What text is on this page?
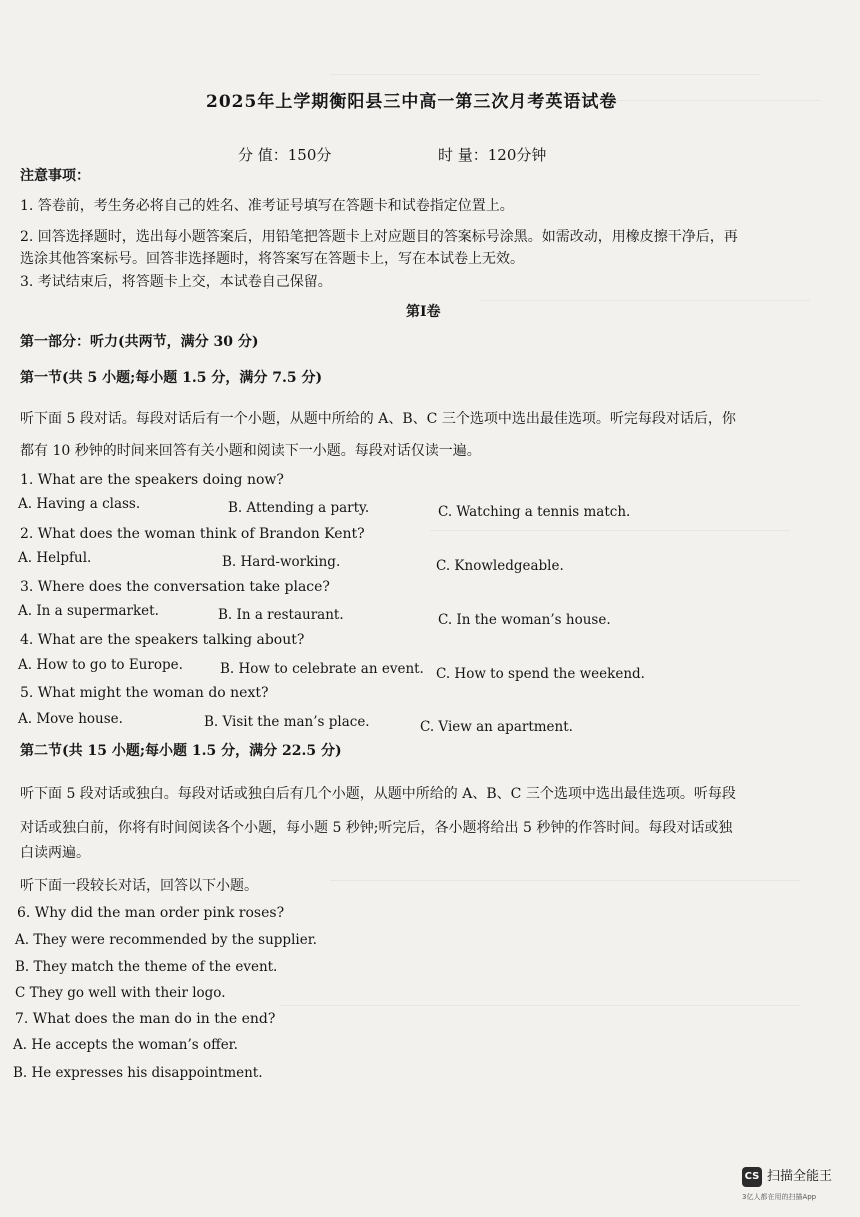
2025年上学期衡阳县三中高一第三次月考英语试卷
分 值：150分	时 量：120分钟
注意事项：
1. 答卷前，考生务必将自己的姓名、准考证号填写在答题卡和试卷指定位置上。
2. 回答选择题时，选出每小题答案后，用铅笔把答题卡上对应题目的答案标号涂黑。如需改动，用橡皮擦干净后，再
选涂其他答案标号。回答非选择题时，将答案写在答题卡上，写在本试卷上无效。
3. 考试结束后，将答题卡上交，本试卷自己保留。
第Ⅰ卷
第一部分：听力(共两节，满分 30 分)
第一节(共 5 小题;每小题 1.5 分，满分 7.5 分)
听下面 5 段对话。每段对话后有一个小题，从题中所给的 A、B、C 三个选项中选出最佳选项。听完每段对话后，你
都有 10 秒钟的时间来回答有关小题和阅读下一小题。每段对话仅读一遍。
1. What are the speakers doing now?
A. Having a class.	B. Attending a party.	C. Watching a tennis match.
2. What does the woman think of Brandon Kent?
A. Helpful.	B. Hard-working.	C. Knowledgeable.
3. Where does the conversation take place?
A. In a supermarket.	B. In a restaurant.	C. In the woman’s house.
4. What are the speakers talking about?
A. How to go to Europe.	B. How to celebrate an event. C. How to spend the weekend.
5. What might the woman do next?
A. Move house.	B. Visit the man’s place.	C. View an apartment.
第二节(共 15 小题;每小题 1.5 分，满分 22.5 分)
听下面 5 段对话或独白。每段对话或独白后有几个小题，从题中所给的 A、B、C 三个选项中选出最佳选项。听每段
对话或独白前，你将有时间阅读各个小题，每小题 5 秒钟;听完后，各小题将给出 5 秒钟的作答时间。每段对话或独
白读两遍。
听下面一段较长对话，回答以下小题。
6. Why did the man order pink roses?
A. They were recommended by the supplier.
B. They match the theme of the event.
C They go well with their logo.
7. What does the man do in the end?
A. He accepts the woman’s offer.
B. He expresses his disappointment.
CS 扫描全能王
3亿人都在用的扫描App
